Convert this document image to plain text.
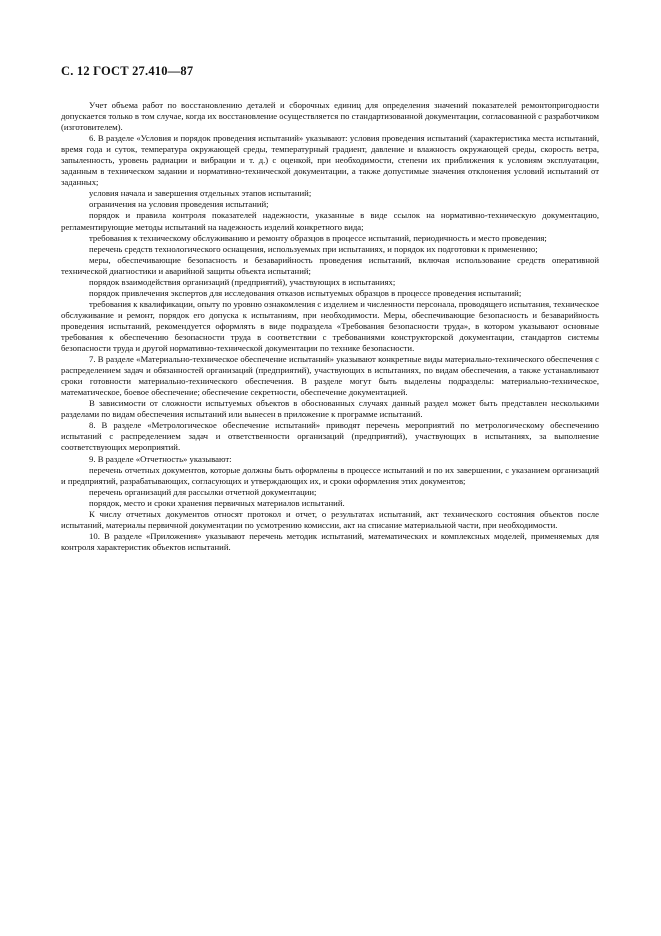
С. 12 ГОСТ 27.410—87

Учет объема работ по восстановлению деталей и сборочных единиц для определения значений показателей ремонтопригодности допускается только в том случае, когда их восстановление осуществляется по стандартизованной документации, согласованной с разработчиком (изготовителем).

6. В разделе «Условия и порядок проведения испытаний» указывают: условия проведения испытаний (характеристика места испытаний, время года и суток, температура окружающей среды, температурный градиент, давление и влажность окружающей среды, скорость ветра, запыленность, уровень радиации и вибрации и т. д.) с оценкой, при необходимости, степени их приближения к условиям эксплуатации, заданным в техническом задании и нормативно-технической документации, а также допустимые значения отклонения условий испытаний от заданных;

условия начала и завершения отдельных этапов испытаний;

ограничения на условия проведения испытаний;

порядок и правила контроля показателей надежности, указанные в виде ссылок на нормативно-техническую документацию, регламентирующие методы испытаний на надежность изделий конкретного вида;

требования к техническому обслуживанию и ремонту образцов в процессе испытаний, периодичность и место проведения;

перечень средств технологического оснащения, используемых при испытаниях, и порядок их подготовки к применению;

меры, обеспечивающие безопасность и безаварийность проведения испытаний, включая использование средств оперативной технической диагностики и аварийной защиты объекта испытаний;

порядок взаимодействия организаций (предприятий), участвующих в испытаниях;

порядок привлечения экспертов для исследования отказов испытуемых образцов в процессе проведения испытаний;

требования к квалификации, опыту по уровню ознакомления с изделием и численности персонала, проводящего испытания, техническое обслуживание и ремонт, порядок его допуска к испытаниям, при необходимости. Меры, обеспечивающие безопасность и безаварийность проведения испытаний, рекомендуется оформлять в виде подраздела «Требования безопасности труда», в котором указывают основные требования к обеспечению безопасности труда в соответствии с требованиями конструкторской документации, стандартов системы безопасности труда и другой нормативно-технической документации по технике безопасности.

7. В разделе «Материально-техническое обеспечение испытаний» указывают конкретные виды материально-технического обеспечения с распределением задач и обязанностей организаций (предприятий), участвующих в испытаниях, по видам обеспечения, а также устанавливают сроки готовности материально-технического обеспечения. В разделе могут быть выделены подразделы: материально-техническое, математическое, боевое обеспечение; обеспечение секретности, обеспечение документацией.

В зависимости от сложности испытуемых объектов в обоснованных случаях данный раздел может быть представлен несколькими разделами по видам обеспечения испытаний или вынесен в приложение к программе испытаний.

8. В разделе «Метрологическое обеспечение испытаний» приводят перечень мероприятий по метрологическому обеспечению испытаний с распределением задач и ответственности организаций (предприятий), участвующих в испытаниях, за выполнение соответствующих мероприятий.

9. В разделе «Отчетность» указывают:

перечень отчетных документов, которые должны быть оформлены в процессе испытаний и по их завершении, с указанием организаций и предприятий, разрабатывающих, согласующих и утверждающих их, и сроки оформления этих документов;

перечень организаций для рассылки отчетной документации;

порядок, место и сроки хранения первичных материалов испытаний.

К числу отчетных документов относят протокол и отчет, о результатах испытаний, акт технического состояния объектов после испытаний, материалы первичной документации по усмотрению комиссии, акт на списание материальной части, при необходимости.

10. В разделе «Приложения» указывают перечень методик испытаний, математических и комплексных моделей, применяемых для контроля характеристик объектов испытаний.
